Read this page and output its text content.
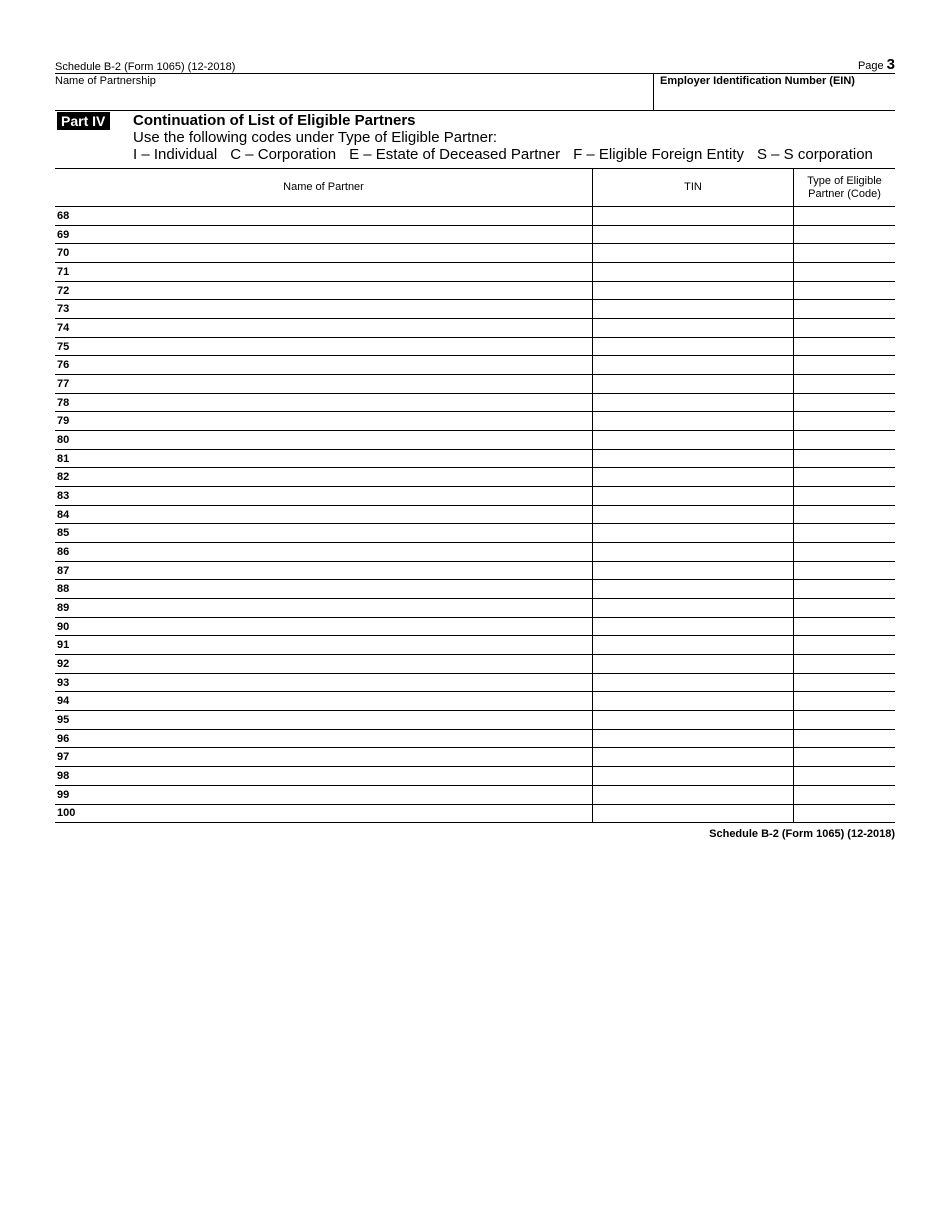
Schedule B-2 (Form 1065) (12-2018)	Page 3
Name of Partnership	Employer Identification Number (EIN)
Part IV	Continuation of List of Eligible Partners
Use the following codes under Type of Eligible Partner:
I – Individual C – Corporation E – Estate of Deceased Partner F – Eligible Foreign Entity S – S corporation
Name of Partner	TIN	Type of Eligible Partner (Code)
68		
69		
70		
71		
72		
73		
74		
75		
76		
77		
78		
79		
80		
81		
82		
83		
84		
85		
86		
87		
88		
89		
90		
91		
92		
93		
94		
95		
96		
97		
98		
99		
100		
Schedule B-2 (Form 1065) (12-2018)
